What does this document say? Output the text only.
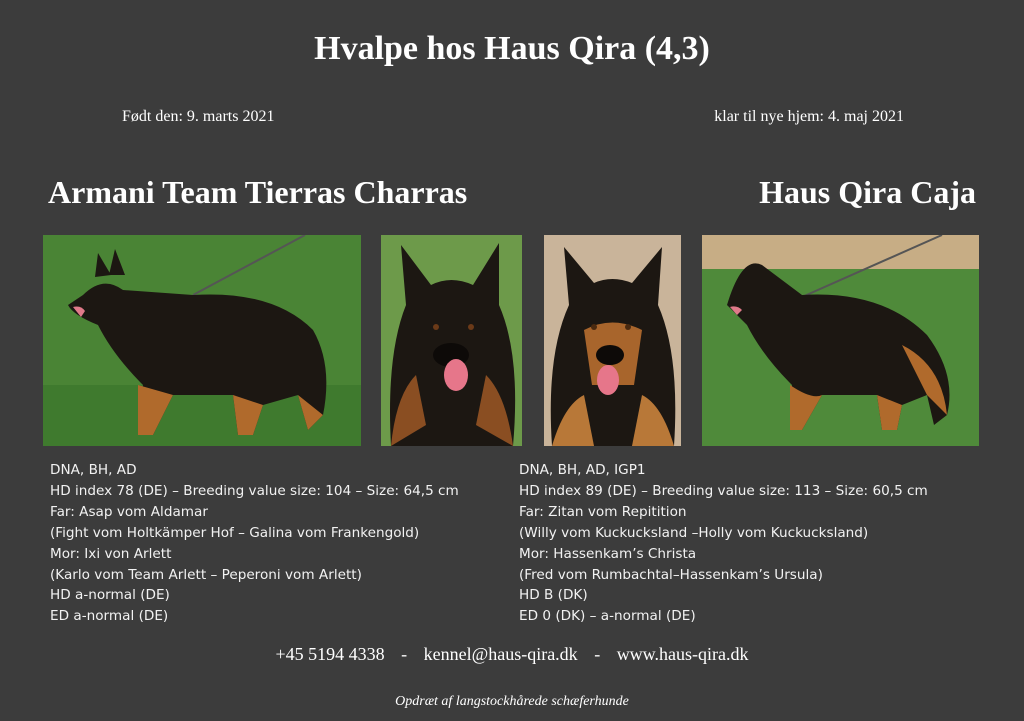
Hvalpe hos Haus Qira (4,3)
Født den: 9. marts 2021	klar til nye hjem: 4. maj 2021
Armani Team Tierras Charras	Haus Qira Caja
DNA, BH, AD
HD index 78 (DE) – Breeding value size: 104 – Size: 64,5 cm
Far: Asap vom Aldamar
(Fight vom Holtkämper Hof – Galina vom Frankengold)
Mor: Ixi von Arlett
(Karlo vom Team Arlett – Peperoni vom Arlett)
HD a-normal (DE)
ED a-normal (DE)
DNA, BH, AD, IGP1
HD index 89 (DE) – Breeding value size: 113 – Size: 60,5 cm
Far: Zitan vom Repitition
(Willy vom Kuckucksland –Holly vom Kuckucksland)
Mor: Hassenkam’s Christa
(Fred vom Rumbachtal–Hassenkam’s Ursula)
HD B (DK)
ED 0 (DK) – a-normal (DE)
+45 5194 4338 - kennel@haus-qira.dk - www.haus-qira.dk
Opdræt af langstockhårede schæferhunde
